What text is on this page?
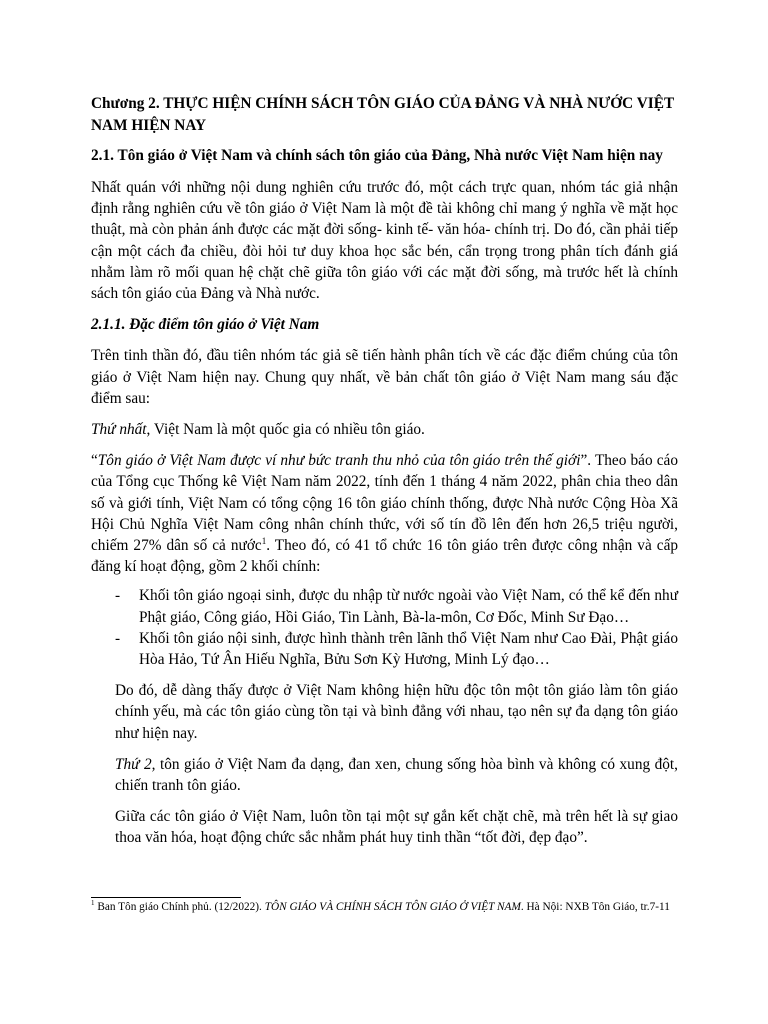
Chương 2. THỰC HIỆN CHÍNH SÁCH TÔN GIÁO CỦA ĐẢNG VÀ NHÀ NƯỚC VIỆT NAM HIỆN NAY

2.1. Tôn giáo ở Việt Nam và chính sách tôn giáo của Đảng, Nhà nước Việt Nam hiện nay

Nhất quán với những nội dung nghiên cứu trước đó, một cách trực quan, nhóm tác giả nhận định rằng nghiên cứu về tôn giáo ở Việt Nam là một đề tài không chỉ mang ý nghĩa về mặt học thuật, mà còn phản ánh được các mặt đời sống- kinh tế- văn hóa- chính trị. Do đó, cần phải tiếp cận một cách đa chiều, đòi hỏi tư duy khoa học sắc bén, cẩn trọng trong phân tích đánh giá nhằm làm rõ mối quan hệ chặt chẽ giữa tôn giáo với các mặt đời sống, mà trước hết là chính sách tôn giáo của Đảng và Nhà nước.

2.1.1. Đặc điểm tôn giáo ở Việt Nam

Trên tinh thần đó, đầu tiên nhóm tác giả sẽ tiến hành phân tích về các đặc điểm chúng của tôn giáo ở Việt Nam hiện nay. Chung quy nhất, về bản chất tôn giáo ở Việt Nam mang sáu đặc điểm sau:

Thứ nhất, Việt Nam là một quốc gia có nhiều tôn giáo.

“Tôn giáo ở Việt Nam được ví như bức tranh thu nhỏ của tôn giáo trên thế giới”. Theo báo cáo của Tổng cục Thống kê Việt Nam năm 2022, tính đến 1 tháng 4 năm 2022, phân chia theo dân số và giới tính, Việt Nam có tổng cộng 16 tôn giáo chính thống, được Nhà nước Cộng Hòa Xã Hội Chủ Nghĩa Việt Nam công nhân chính thức, với số tín đồ lên đến hơn 26,5 triệu người, chiếm 27% dân số cả nước$^1$. Theo đó, có 41 tổ chức 16 tôn giáo trên được công nhận và cấp đăng kí hoạt động, gồm 2 khối chính:

- Khối tôn giáo ngoại sinh, được du nhập từ nước ngoài vào Việt Nam, có thể kể đến như Phật giáo, Công giáo, Hồi Giáo, Tin Lành, Bà-la-môn, Cơ Đốc, Minh Sư Đạo…
- Khối tôn giáo nội sinh, được hình thành trên lãnh thổ Việt Nam như Cao Đài, Phật giáo Hòa Hảo, Tứ Ân Hiếu Nghĩa, Bửu Sơn Kỳ Hương, Minh Lý đạo…

Do đó, dễ dàng thấy được ở Việt Nam không hiện hữu độc tôn một tôn giáo làm tôn giáo chính yếu, mà các tôn giáo cùng tồn tại và bình đẳng với nhau, tạo nên sự đa dạng tôn giáo như hiện nay.

Thứ 2, tôn giáo ở Việt Nam đa dạng, đan xen, chung sống hòa bình và không có xung đột, chiến tranh tôn giáo.

Giữa các tôn giáo ở Việt Nam, luôn tồn tại một sự gắn kết chặt chẽ, mà trên hết là sự giao thoa văn hóa, hoạt động chức sắc nhằm phát huy tinh thần “tốt đời, đẹp đạo”.

$^1$ Ban Tôn giáo Chính phủ. (12/2022). TÔN GIÁO VÀ CHÍNH SÁCH TÔN GIÁO Ở VIỆT NAM. Hà Nội: NXB Tôn Giáo, tr.7-11
